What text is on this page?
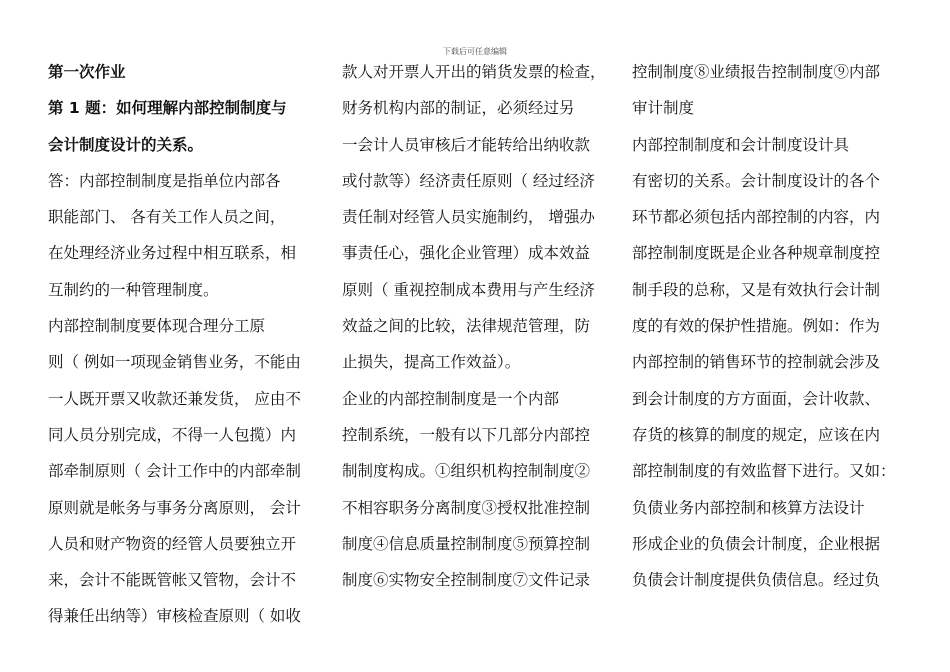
下载后可任意编辑
第一次作业
第 1 题：如何理解内部控制制度与
会计制度设计的关系。
答：内部控制制度是指单位内部各
职能部门、 各有关工作人员之间，
在处理经济业务过程中相互联系，相
互制约的一种管理制度。
内部控制制度要体现合理分工原
则（ 例如一项现金销售业务，不能由
一人既开票又收款还兼发货， 应由不
同人员分别完成，不得一人包揽）内
部牵制原则（ 会计工作中的内部牵制
原则就是帐务与事务分离原则， 会计
人员和财产物资的经管人员要独立开
来，会计不能既管帐又管物，会计不
得兼任出纳等）审核检查原则（ 如收
款人对开票人开出的销货发票的检查，
财务机构内部的制证，必须经过另
一会计人员审核后才能转给出纳收款
或付款等）经济责任原则（ 经过经济
责任制对经管人员实施制约， 增强办
事责任心，强化企业管理）成本效益
原则（ 重视控制成本费用与产生经济
效益之间的比较，法律规范管理，防
止损失，提高工作效益）。
企业的内部控制制度是一个内部
控制系统，一般有以下几部分内部控
制制度构成。①组织机构控制制度②
不相容职务分离制度③授权批准控制
制度④信息质量控制制度⑤预算控制
制度⑥实物安全控制制度⑦文件记录
控制制度⑧业绩报告控制制度⑨内部
审计制度
内部控制制度和会计制度设计具
有密切的关系。会计制度设计的各个
环节都必须包括内部控制的内容，内
部控制制度既是企业各种规章制度控
制手段的总称，又是有效执行会计制
度的有效的保护性措施。例如：作为
内部控制的销售环节的控制就会涉及
到会计制度的方方面面，会计收款、
存货的核算的制度的规定，应该在内
部控制制度的有效监督下进行。又如：
负债业务内部控制和核算方法设计
形成企业的负债会计制度，企业根据
负债会计制度提供负债信息。经过负
